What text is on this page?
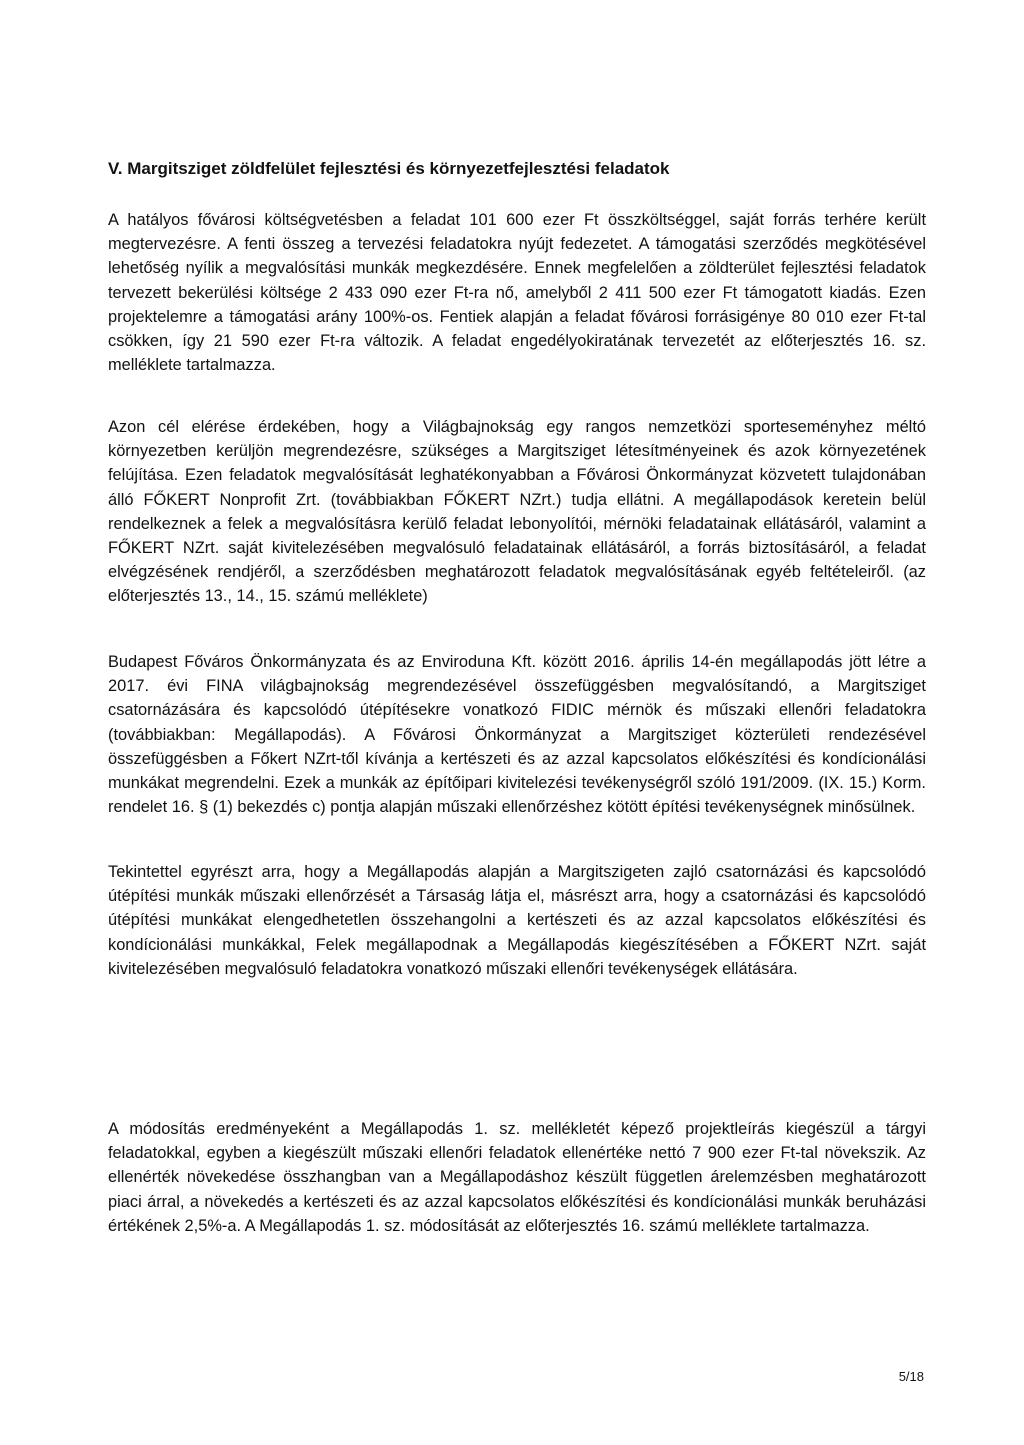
V. Margitsziget zöldfelület fejlesztési és környezetfejlesztési feladatok

A hatályos fővárosi költségvetésben a feladat 101 600 ezer Ft összköltséggel, saját forrás terhére került megtervezésre. A fenti összeg a tervezési feladatokra nyújt fedezetet. A támogatási szerződés megkötésével lehetőség nyílik a megvalósítási munkák megkezdésére. Ennek megfelelően a zöldterület fejlesztési feladatok tervezett bekerülési költsége 2 433 090 ezer Ft-ra nő, amelyből 2 411 500 ezer Ft támogatott kiadás. Ezen projektelemre a támogatási arány 100%-os. Fentiek alapján a feladat fővárosi forrásigénye 80 010 ezer Ft-tal csökken, így 21 590 ezer Ft-ra változik. A feladat engedélyokiratának tervezetét az előterjesztés 16. sz. melléklete tartalmazza.

Azon cél elérése érdekében, hogy a Világbajnokság egy rangos nemzetközi sporteseményhez méltó környezetben kerüljön megrendezésre, szükséges a Margitsziget létesítményeinek és azok környezetének felújítása. Ezen feladatok megvalósítását leghatékonyabban a Fővárosi Önkormányzat közvetett tulajdonában álló FŐKERT Nonprofit Zrt. (továbbiakban FŐKERT NZrt.) tudja ellátni. A megállapodások keretein belül rendelkeznek a felek a megvalósításra kerülő feladat lebonyolítói, mérnöki feladatainak ellátásáról, valamint a FŐKERT NZrt. saját kivitelezésében megvalósuló feladatainak ellátásáról, a forrás biztosításáról, a feladat elvégzésének rendjéről, a szerződésben meghatározott feladatok megvalósításának egyéb feltételeiről. (az előterjesztés 13., 14., 15. számú melléklete)

Budapest Főváros Önkormányzata és az Enviroduna Kft. között 2016. április 14-én megállapodás jött létre a 2017. évi FINA világbajnokság megrendezésével összefüggésben megvalósítandó, a Margitsziget csatornázására és kapcsolódó útépítésekre vonatkozó FIDIC mérnök és műszaki ellenőri feladatokra (továbbiakban: Megállapodás). A Fővárosi Önkormányzat a Margitsziget közterületi rendezésével összefüggésben a Főkert NZrt-től kívánja a kertészeti és az azzal kapcsolatos előkészítési és kondícionálási munkákat megrendelni. Ezek a munkák az építőipari kivitelezési tevékenységről szóló 191/2009. (IX. 15.) Korm. rendelet 16. § (1) bekezdés c) pontja alapján műszaki ellenőrzéshez kötött építési tevékenységnek minősülnek.

Tekintettel egyrészt arra, hogy a Megállapodás alapján a Margitszigeten zajló csatornázási és kapcsolódó útépítési munkák műszaki ellenőrzését a Társaság látja el, másrészt arra, hogy a csatornázási és kapcsolódó útépítési munkákat elengedhetetlen összehangolni a kertészeti és az azzal kapcsolatos előkészítési és kondícionálási munkákkal, Felek megállapodnak a Megállapodás kiegészítésében a FŐKERT NZrt. saját kivitelezésében megvalósuló feladatokra vonatkozó műszaki ellenőri tevékenységek ellátására.

A módosítás eredményeként a Megállapodás 1. sz. mellékletét képező projektleírás kiegészül a tárgyi feladatokkal, egyben a kiegészült műszaki ellenőri feladatok ellenértéke nettó 7 900 ezer Ft-tal növekszik. Az ellenérték növekedése összhangban van a Megállapodáshoz készült független árelemzésben meghatározott piaci árral, a növekedés a kertészeti és az azzal kapcsolatos előkészítési és kondícionálási munkák beruházási értékének 2,5%-a. A Megállapodás 1. sz. módosítását az előterjesztés 16. számú melléklete tartalmazza.

5/18
